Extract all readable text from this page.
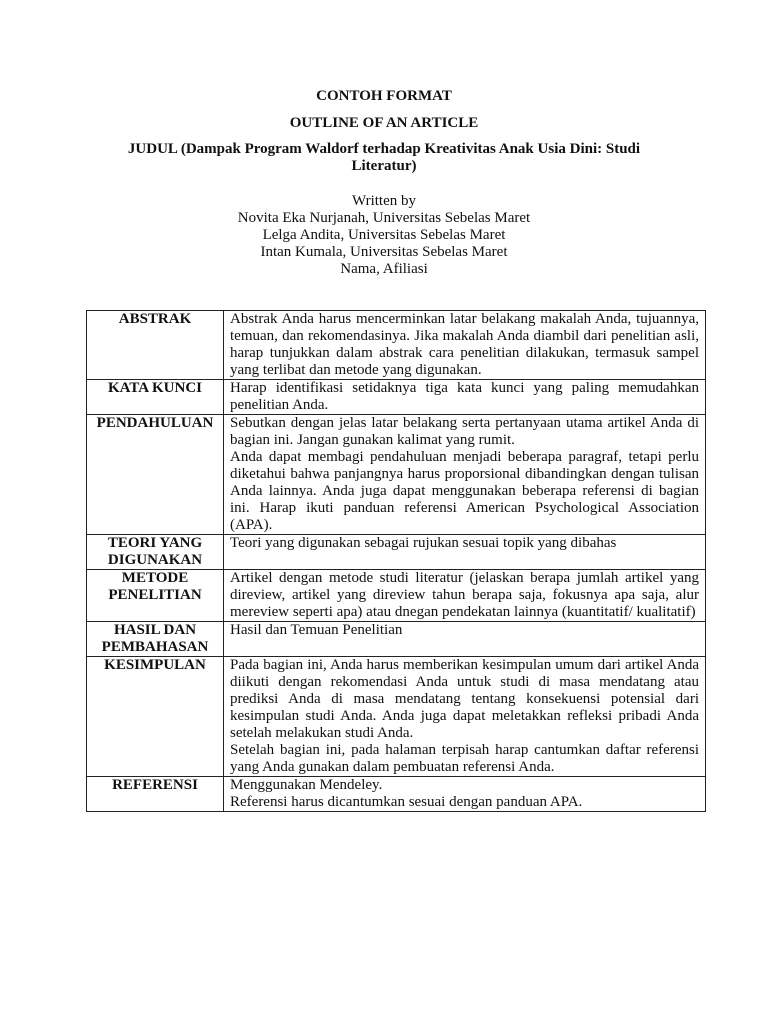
CONTOH FORMAT

OUTLINE OF AN ARTICLE

JUDUL (Dampak Program Waldorf terhadap Kreativitas Anak Usia Dini: Studi Literatur)
Written by
Novita Eka Nurjanah, Universitas Sebelas Maret
Lelga Andita, Universitas Sebelas Maret
Intan Kumala, Universitas Sebelas Maret
Nama, Afiliasi
ABSTRAK	Abstrak Anda harus mencerminkan latar belakang makalah Anda, tujuannya, temuan, dan rekomendasinya. Jika makalah Anda diambil dari penelitian asli, harap tunjukkan dalam abstrak cara penelitian dilakukan, termasuk sampel yang terlibat dan metode yang digunakan.

KATA KUNCI	Harap identifikasi setidaknya tiga kata kunci yang paling memudahkan penelitian Anda.

PENDAHULUAN	Sebutkan dengan jelas latar belakang serta pertanyaan utama artikel Anda di bagian ini. Jangan gunakan kalimat yang rumit.

Anda dapat membagi pendahuluan menjadi beberapa paragraf, tetapi perlu diketahui bahwa panjangnya harus proporsional dibandingkan dengan tulisan Anda lainnya. Anda juga dapat menggunakan beberapa referensi di bagian ini. Harap ikuti panduan referensi American Psychological Association (APA).

TEORI YANG DIGUNAKAN	Teori yang digunakan sebagai rujukan sesuai topik yang dibahas

METODE PENELITIAN	Artikel dengan metode studi literatur (jelaskan berapa jumlah artikel yang direview, artikel yang direview tahun berapa saja, fokusnya apa saja, alur mereview seperti apa) atau dnegan pendekatan lainnya (kuantitatif/ kualitatif)

HASIL DAN PEMBAHASAN	Hasil dan Temuan Penelitian

KESIMPULAN	Pada bagian ini, Anda harus memberikan kesimpulan umum dari artikel Anda diikuti dengan rekomendasi Anda untuk studi di masa mendatang atau prediksi Anda di masa mendatang tentang konsekuensi potensial dari kesimpulan studi Anda. Anda juga dapat meletakkan refleksi pribadi Anda setelah melakukan studi Anda.

Setelah bagian ini, pada halaman terpisah harap cantumkan daftar referensi yang Anda gunakan dalam pembuatan referensi Anda.

REFERENSI	Menggunakan Mendeley.

Referensi harus dicantumkan sesuai dengan panduan APA.
